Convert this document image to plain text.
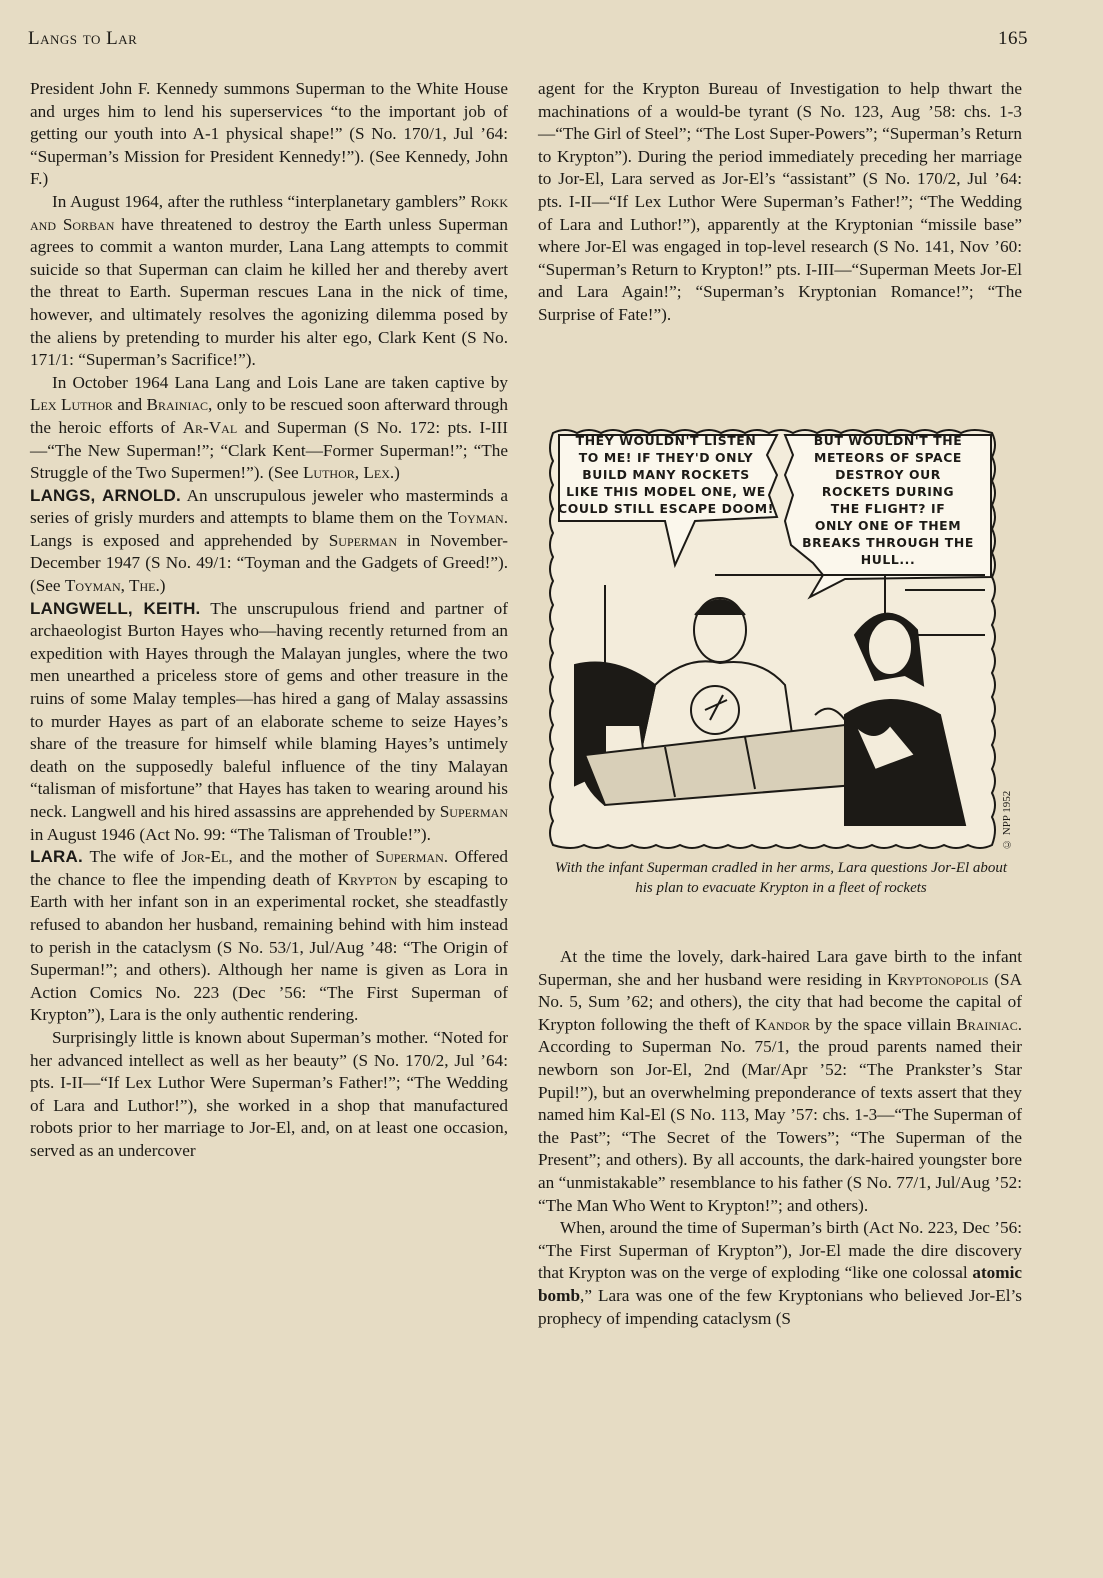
Langs to Lar	165

President John F. Kennedy summons Superman to the White House and urges him to lend his superservices “to the important job of getting our youth into A-1 physical shape!” (S No. 170/1, Jul ’64: “Superman’s Mission for President Kennedy!”). (See Kennedy, John F.)

In August 1964, after the ruthless “interplanetary gamblers” Rokk and Sorban have threatened to destroy the Earth unless Superman agrees to commit a wanton murder, Lana Lang attempts to commit suicide so that Superman can claim he killed her and thereby avert the threat to Earth. Superman rescues Lana in the nick of time, however, and ultimately resolves the agonizing dilemma posed by the aliens by pretending to murder his alter ego, Clark Kent (S No. 171/1: “Superman’s Sacrifice!”).

In October 1964 Lana Lang and Lois Lane are taken captive by Lex Luthor and Brainiac, only to be rescued soon afterward through the heroic efforts of Ar-Val and Superman (S No. 172: pts. I-III—“The New Superman!”; “Clark Kent—Former Superman!”; “The Struggle of the Two Supermen!”). (See Luthor, Lex.)

LANGS, ARNOLD. An unscrupulous jeweler who masterminds a series of grisly murders and attempts to blame them on the Toyman. Langs is exposed and apprehended by Superman in November-December 1947 (S No. 49/1: “Toyman and the Gadgets of Greed!”). (See Toyman, The.)

LANGWELL, KEITH. The unscrupulous friend and partner of archaeologist Burton Hayes who—having recently returned from an expedition with Hayes through the Malayan jungles, where the two men unearthed a priceless store of gems and other treasure in the ruins of some Malay temples—has hired a gang of Malay assassins to murder Hayes as part of an elaborate scheme to seize Hayes’s share of the treasure for himself while blaming Hayes’s untimely death on the supposedly baleful influence of the tiny Malayan “talisman of misfortune” that Hayes has taken to wearing around his neck. Langwell and his hired assassins are apprehended by Superman in August 1946 (Act No. 99: “The Talisman of Trouble!”).

LARA. The wife of Jor-El, and the mother of Superman. Offered the chance to flee the impending death of Krypton by escaping to Earth with her infant son in an experimental rocket, she steadfastly refused to abandon her husband, remaining behind with him instead to perish in the cataclysm (S No. 53/1, Jul/Aug ’48: “The Origin of Superman!”; and others). Although her name is given as Lora in Action Comics No. 223 (Dec ’56: “The First Superman of Krypton”), Lara is the only authentic rendering.

Surprisingly little is known about Superman’s mother. “Noted for her advanced intellect as well as her beauty” (S No. 170/2, Jul ’64: pts. I-II—“If Lex Luthor Were Superman’s Father!”; “The Wedding of Lara and Luthor!”), she worked in a shop that manufactured robots prior to her marriage to Jor-El, and, on at least one occasion, served as an undercover

agent for the Krypton Bureau of Investigation to help thwart the machinations of a would-be tyrant (S No. 123, Aug ’58: chs. 1-3—“The Girl of Steel”; “The Lost Super-Powers”; “Superman’s Return to Krypton”). During the period immediately preceding her marriage to Jor-El, Lara served as Jor-El’s “assistant” (S No. 170/2, Jul ’64: pts. I-II—“If Lex Luthor Were Superman’s Father!”; “The Wedding of Lara and Luthor!”), apparently at the Kryptonian “missile base” where Jor-El was engaged in top-level research (S No. 141, Nov ’60: “Superman’s Return to Krypton!” pts. I-III—“Superman Meets Jor-El and Lara Again!”; “Superman’s Kryptonian Romance!”; “The Surprise of Fate!”).

THEY WOULDN'T LISTEN
TO ME! IF THEY'D ONLY
BUILD MANY ROCKETS
LIKE THIS MODEL ONE, WE
COULD STILL ESCAPE DOOM!
BUT WOULDN'T THE
METEORS OF SPACE
DESTROY OUR
ROCKETS DURING
THE FLIGHT? IF
ONLY ONE OF THEM
BREAKS THROUGH THE
HULL...
© NPP 1952
With the infant Superman cradled in her arms, Lara questions Jor-El about his plan to evacuate Krypton in a fleet of rockets

At the time the lovely, dark-haired Lara gave birth to the infant Superman, she and her husband were residing in Kryptonopolis (SA No. 5, Sum ’62; and others), the city that had become the capital of Krypton following the theft of Kandor by the space villain Brainiac. According to Superman No. 75/1, the proud parents named their newborn son Jor-El, 2nd (Mar/Apr ’52: “The Prankster’s Star Pupil!”), but an overwhelming preponderance of texts assert that they named him Kal-El (S No. 113, May ’57: chs. 1-3—“The Superman of the Past”; “The Secret of the Towers”; “The Superman of the Present”; and others). By all accounts, the dark-haired youngster bore an “unmistakable” resemblance to his father (S No. 77/1, Jul/Aug ’52: “The Man Who Went to Krypton!”; and others).

When, around the time of Superman’s birth (Act No. 223, Dec ’56: “The First Superman of Krypton”), Jor-El made the dire discovery that Krypton was on the verge of exploding “like one colossal atomic bomb,” Lara was one of the few Kryptonians who believed Jor-El’s prophecy of impending cataclysm (S
